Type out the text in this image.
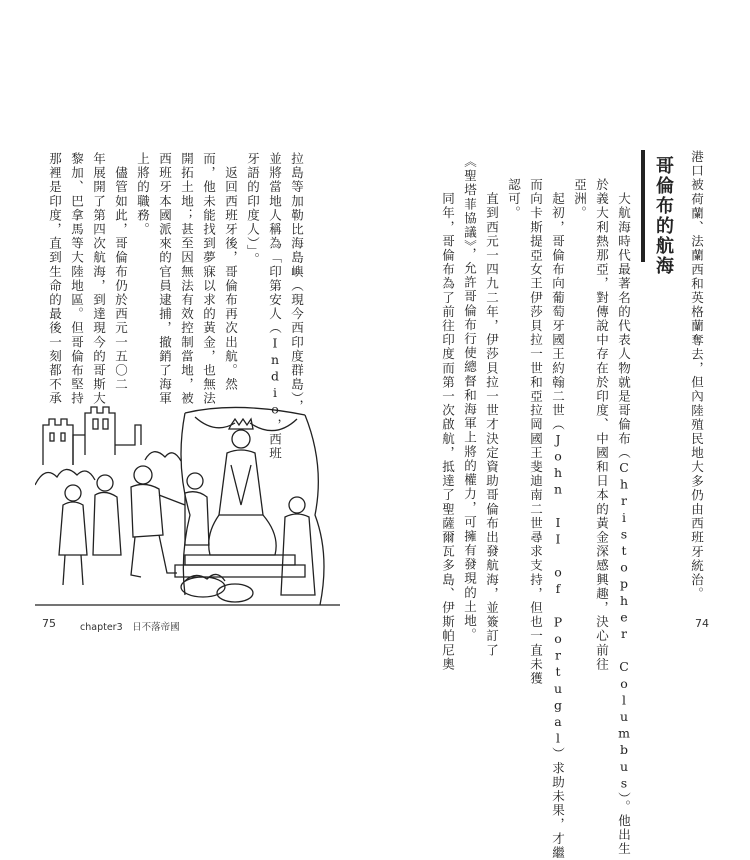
港口被荷蘭、法蘭西和英格蘭奪去，但內陸殖民地大多仍由西班牙統治。
哥倫布的航海
　大航海時代最著名的代表人物就是哥倫布（Christopher Columbus）。他出生
於義大利熱那亞，對傳說中存在於印度、中國和日本的黃金深感興趣，決心前往
亞洲。
　起初，哥倫布向葡萄牙國王約翰二世（John II of Portugal）求助未果，才繼
而向卡斯提亞女王伊莎貝拉一世和亞拉岡國王斐迪南二世尋求支持，但也一直未獲
認可。
　直到西元一四九二年，伊莎貝拉一世才決定資助哥倫布出發航海，並簽訂了
《聖塔菲協議》，允許哥倫布行使總督和海軍上將的權力，可擁有發現的土地。
　同年，哥倫布為了前往印度而第一次啟航，抵達了聖薩爾瓦多島、伊斯帕尼奧	74
拉島等加勒比海島嶼（現今西印度群島），
並將當地人稱為「印第安人（Indio，西班
牙語的印度人）」。
　返回西班牙後，哥倫布再次出航。然
而，他未能找到夢寐以求的黃金，也無法
開拓土地；甚至因無法有效控制當地，被
西班牙本國派來的官員逮捕，撤銷了海軍
上將的職務。
　儘管如此，哥倫布仍於西元一五〇二
年展開了第四次航海，到達現今的哥斯大
黎加、巴拿馬等大陸地區。但哥倫布堅持
那裡是印度，直到生命的最後一刻都不承
75	chapter3　日不落帝國
